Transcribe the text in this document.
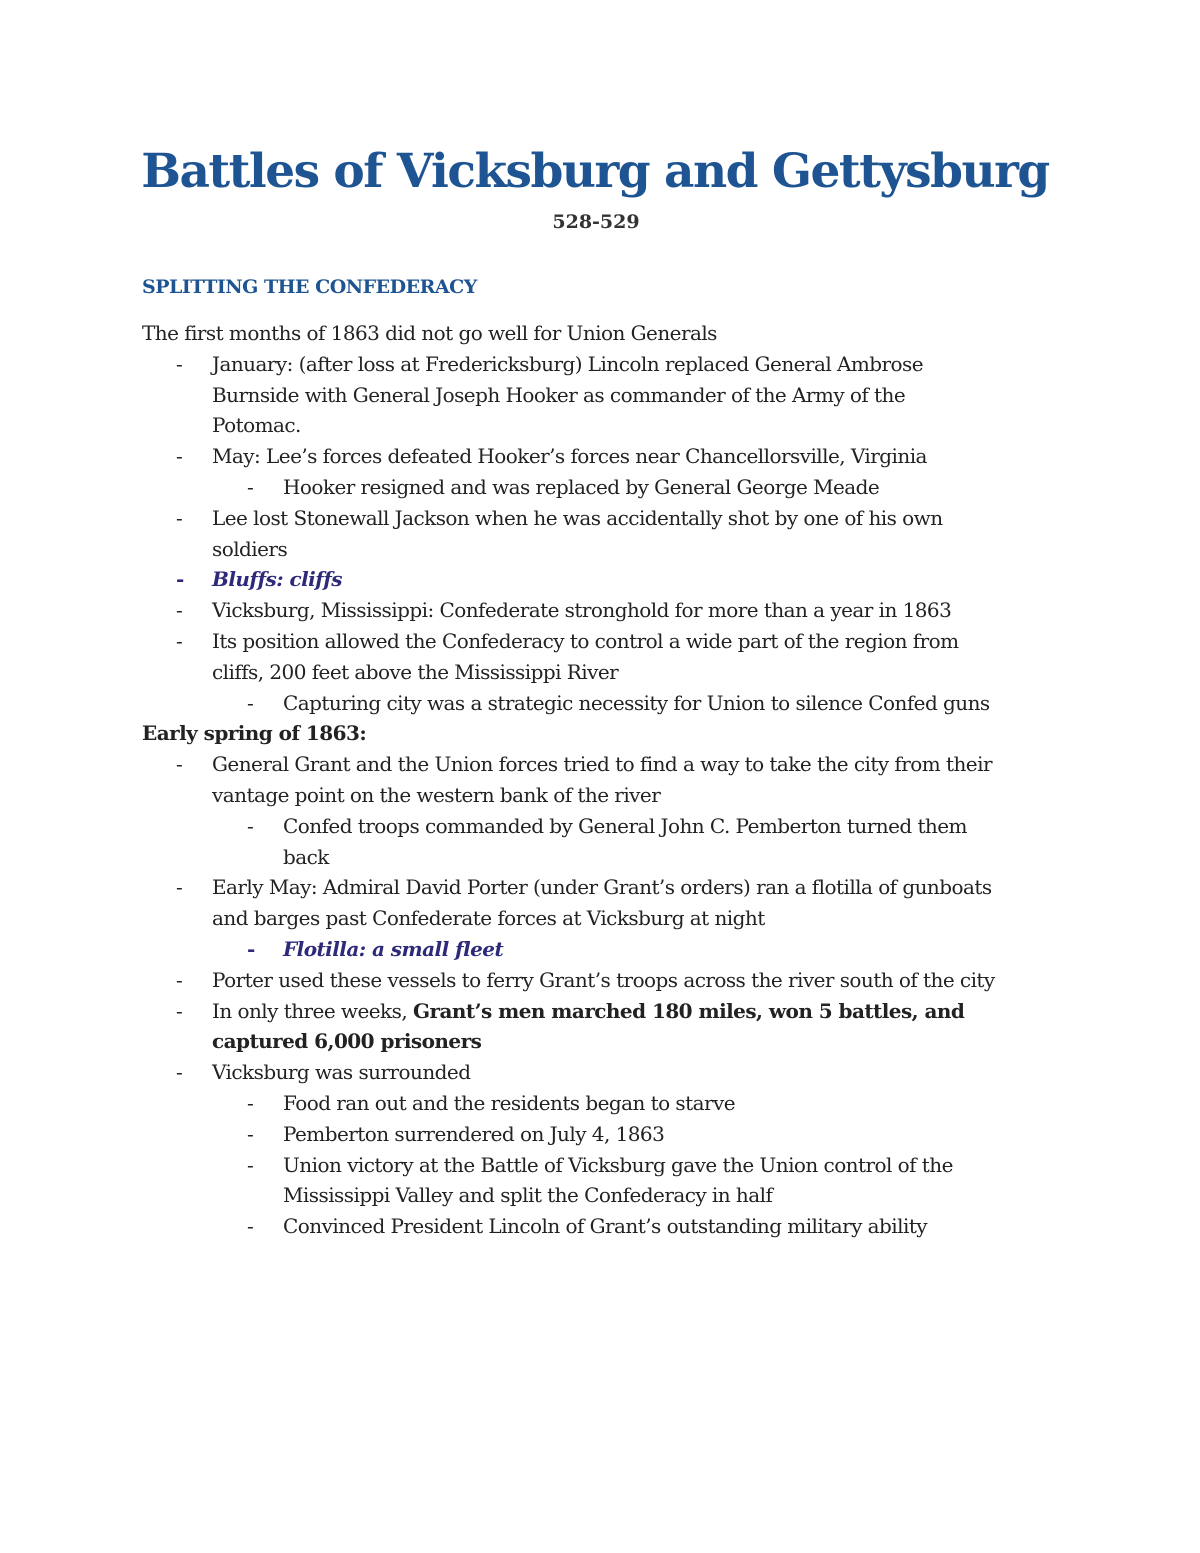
Battles of Vicksburg and Gettysburg
528-529
SPLITTING THE CONFEDERACY
The first months of 1863 did not go well for Union Generals
- January: (after loss at Fredericksburg) Lincoln replaced General Ambrose
Burnside with General Joseph Hooker as commander of the Army of the
Potomac.
- May: Lee’s forces defeated Hooker’s forces near Chancellorsville, Virginia
- Hooker resigned and was replaced by General George Meade
- Lee lost Stonewall Jackson when he was accidentally shot by one of his own
soldiers
- Bluffs: cliffs
- Vicksburg, Mississippi: Confederate stronghold for more than a year in 1863
- Its position allowed the Confederacy to control a wide part of the region from
cliffs, 200 feet above the Mississippi River
- Capturing city was a strategic necessity for Union to silence Confed guns
Early spring of 1863:
- General Grant and the Union forces tried to find a way to take the city from their
vantage point on the western bank of the river
- Confed troops commanded by General John C. Pemberton turned them
back
- Early May: Admiral David Porter (under Grant’s orders) ran a flotilla of gunboats
and barges past Confederate forces at Vicksburg at night
- Flotilla: a small fleet
- Porter used these vessels to ferry Grant’s troops across the river south of the city
- In only three weeks, Grant’s men marched 180 miles, won 5 battles, and
captured 6,000 prisoners
- Vicksburg was surrounded
- Food ran out and the residents began to starve
- Pemberton surrendered on July 4, 1863
- Union victory at the Battle of Vicksburg gave the Union control of the
Mississippi Valley and split the Confederacy in half
- Convinced President Lincoln of Grant’s outstanding military ability
